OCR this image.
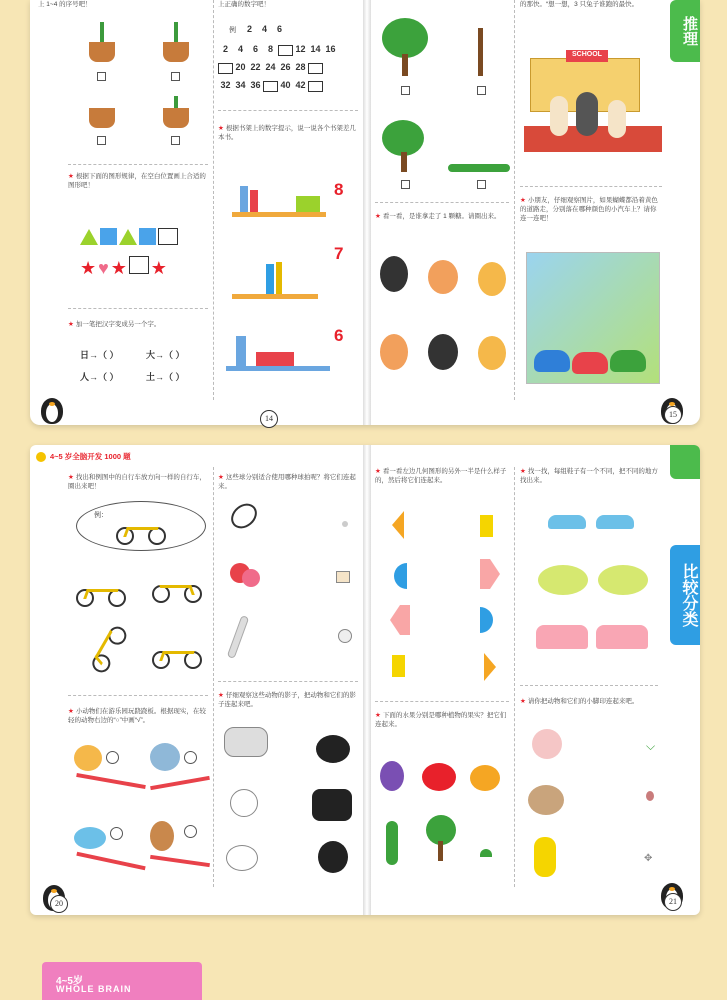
上 1~4 的序号吧！
★ 根据下面的图形规律，在空白位置画上合适的图形吧！

★ ♥ ★ ★
★ 加一笔把汉字变成另一个字。
日→（ ）	大→（ ）
人→（ ）	土→（ ）
14
上正确的数字吧！
例 2 4 6
2 4 6 8 12 14 16
20 22 24 26 28
32 34 36 40 42
★ 根据书架上的数字提示，说一说各个书架差几本书。
8
7
6
★ 看一看，是谁拿走了 1 颗糖。请圈出来。
的那快。“想一想，3 只兔子谁跑的最快。
SCHOOL
★ 小朋友，仔细观察图片，如果蝴蝶都沿着黄色的道路走，分别落在哪种颜色的小汽车上？请你连一连吧！
推理
15
★ 找出和例图中的自行车放方向一样的自行车，圈出来吧！
例：
★ 小动物们在游乐园玩跷跷板。根据现实，在较轻的动物右边的“○”中画“√”。
20
★ 这些球分别适合使用哪种球拍呢？将它们连起来。
★ 仔细观察这些动物的影子，把动物和它们的影子连起来吧。
★ 看一看左边几何图形的另外一半是什么样子的，然后将它们连起来。
★ 下面的水果分别是哪种植物的果实？把它们连起来。
★ 找一找，每组鞋子有一个不同，把不同的地方找出来。
★ 请你把动物和它们的小脚印连起来吧。
⌵
✥
比较分类
21
4~5 岁全脑开发 1000 题
4~5岁
WHOLE BRAIN
